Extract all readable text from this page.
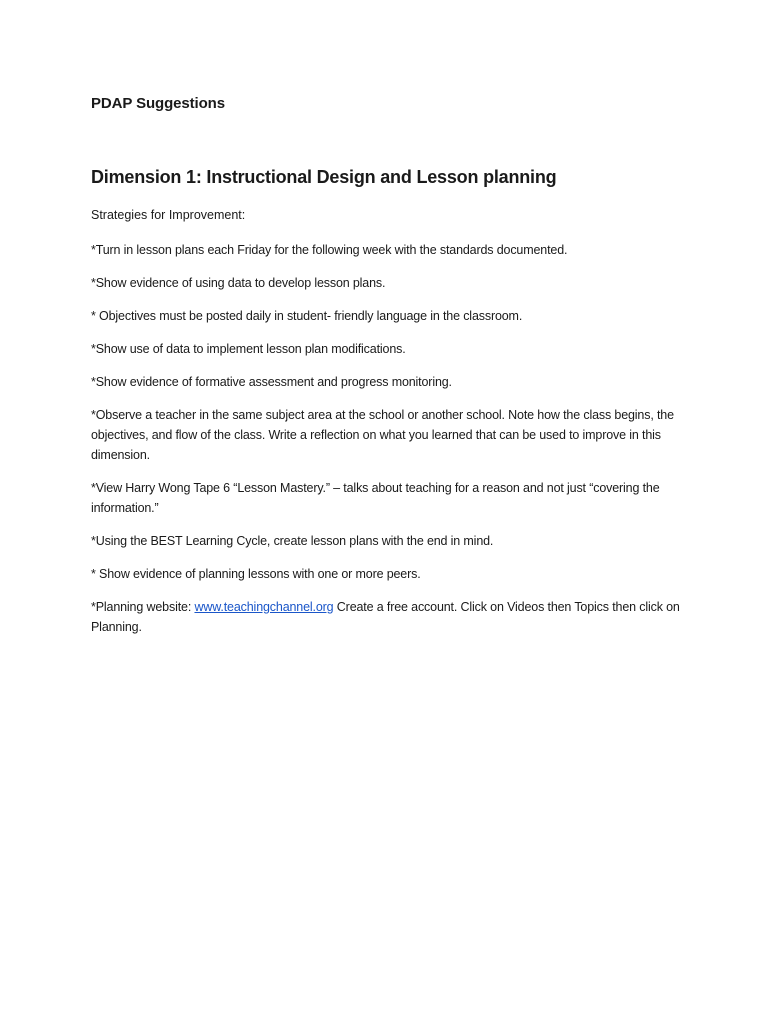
PDAP Suggestions
Dimension 1: Instructional Design and Lesson planning

Strategies for Improvement:

*Turn in lesson plans each Friday for the following week with the standards documented.
*Show evidence of using data to develop lesson plans.
* Objectives must be posted daily in student- friendly language in the classroom.
*Show use of data to implement lesson plan modifications.
*Show evidence of formative assessment and progress monitoring.
*Observe a teacher in the same subject area at the school or another school. Note how the class begins, the objectives, and flow of the class. Write a reflection on what you learned that can be used to improve in this dimension.
*View Harry Wong Tape 6 “Lesson Mastery.” – talks about teaching for a reason and not just “covering the information.”
*Using the BEST Learning Cycle, create lesson plans with the end in mind.
* Show evidence of planning lessons with one or more peers.
*Planning website: www.teachingchannel.org Create a free account. Click on Videos then Topics then click on Planning.
